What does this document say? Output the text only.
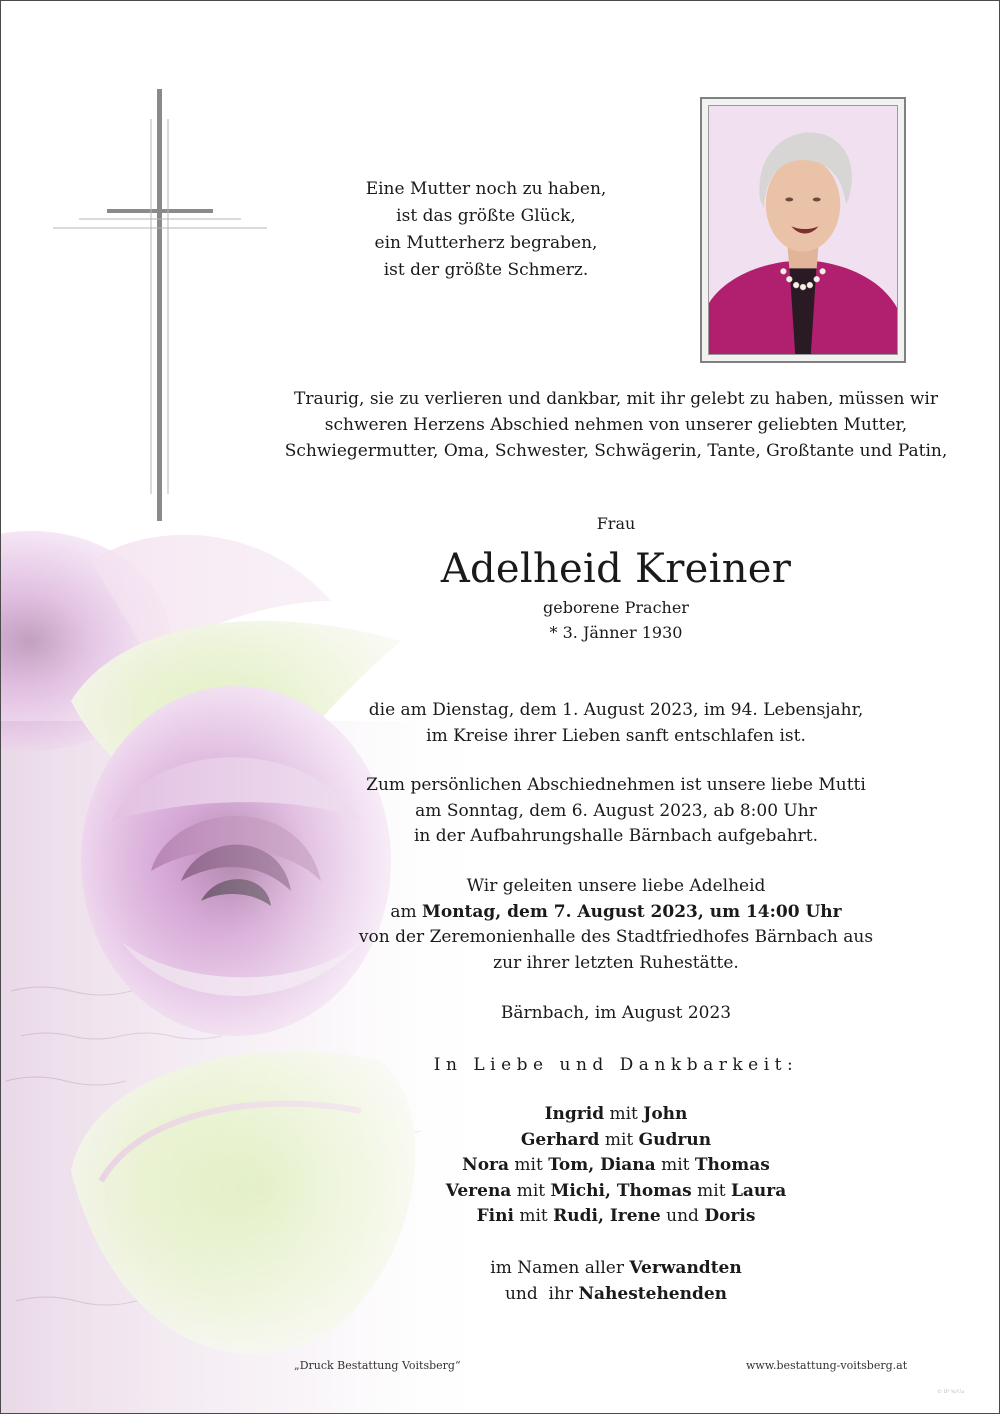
Eine Mutter noch zu haben,
ist das größte Glück,
ein Mutterherz begraben,
ist der größte Schmerz.
Traurig, sie zu verlieren und dankbar, mit ihr gelebt zu haben, müssen wir
schweren Herzens Abschied nehmen von unserer geliebten Mutter,
Schwiegermutter, Oma, Schwester, Schwägerin, Tante, Großtante und Patin,
Frau
Adelheid Kreiner
geborene Pracher
* 3. Jänner 1930
die am Dienstag, dem 1. August 2023, im 94. Lebensjahr,
im Kreise ihrer Lieben sanft entschlafen ist.
Zum persönlichen Abschiednehmen ist unsere liebe Mutti
am Sonntag, dem 6. August 2023, ab 8:00 Uhr
in der Aufbahrungshalle Bärnbach aufgebahrt.
Wir geleiten unsere liebe Adelheid
am Montag, dem 7. August 2023, um 14:00 Uhr
von der Zeremonienhalle des Stadtfriedhofes Bärnbach aus
zur ihrer letzten Ruhestätte.
Bärnbach, im August 2023
In Liebe und Dankbarkeit:
Ingrid mit John
Gerhard mit Gudrun
Nora mit Tom, Diana mit Thomas
Verena mit Michi, Thomas mit Laura
Fini mit Rudi, Irene und Doris
im Namen aller Verwandten
und  ihr Nahestehenden
„Druck Bestattung Voitsberg“	www.bestattung-voitsberg.at
© IP %/Ua
